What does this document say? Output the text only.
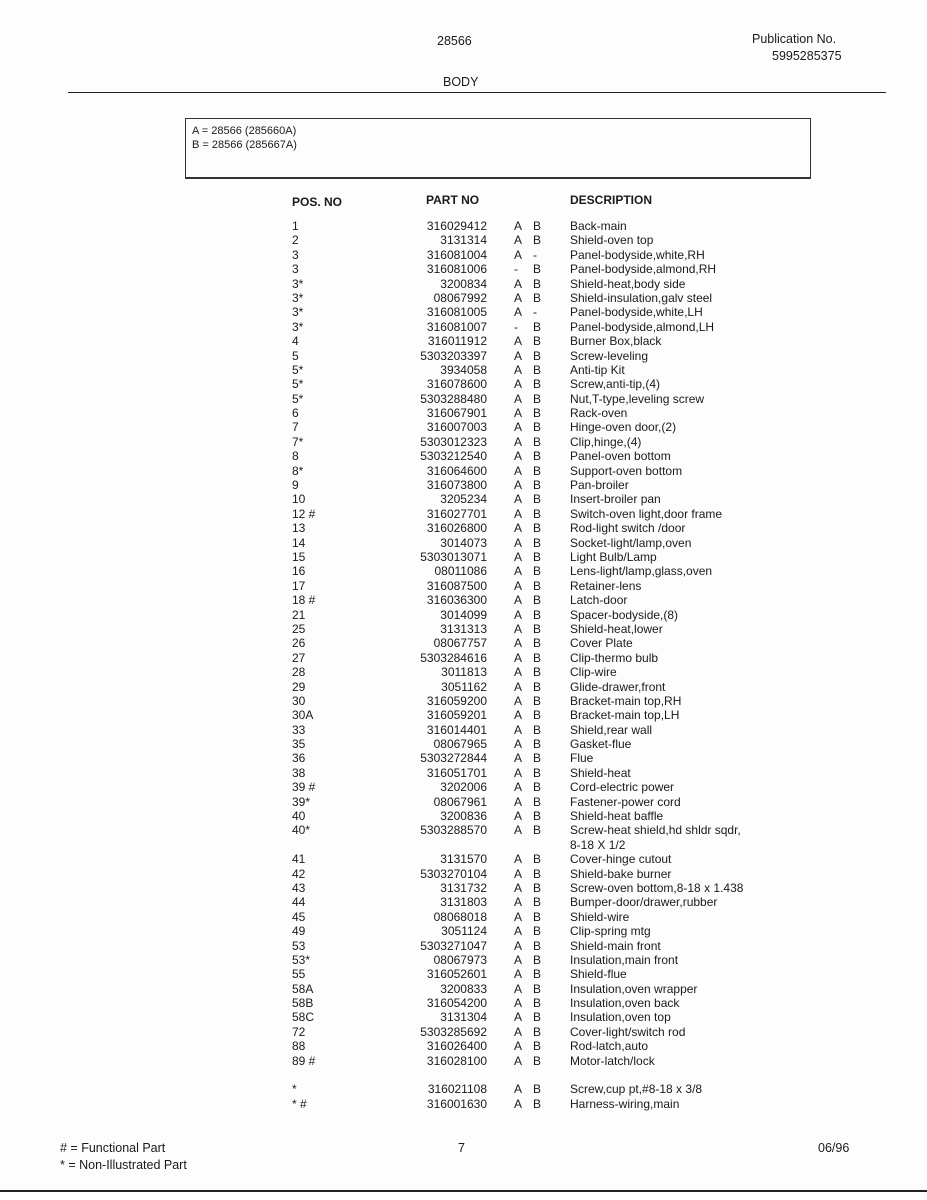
28566	Publication No.
5995285375
BODY
A = 28566 (285660A)
B = 28566 (285667A)
POS. NO	PART NO	DESCRIPTION
1	316029412 A B Back-main
2	3131314 A B Shield-oven top
3	316081004 A -	Panel-bodyside,white,RH
3	316081006 - B Panel-bodyside,almond,RH
3*	3200834 A B Shield-heat,body side
3*	08067992 A B Shield-insulation,galv steel
3*	316081005 A -	Panel-bodyside,white,LH
3*	316081007 - B Panel-bodyside,almond,LH
4	316011912 A B Burner Box,black
5	5303203397 A B Screw-leveling
5*	3934058 A B Anti-tip Kit
5*	316078600 A B Screw,anti-tip,(4)
5*	5303288480 A B Nut,T-type,leveling screw
6	316067901 A B Rack-oven
7	316007003 A B Hinge-oven door,(2)
7*	5303012323 A B Clip,hinge,(4)
8	5303212540 A B Panel-oven bottom
8*	316064600 A B Support-oven bottom
9	316073800 A B Pan-broiler
10	3205234 A B Insert-broiler pan
12 #	316027701 A B Switch-oven light,door frame
13	316026800 A B Rod-light switch /door
14	3014073 A B Socket-light/lamp,oven
15	5303013071 A B Light Bulb/Lamp
16	08011086 A B Lens-light/lamp,glass,oven
17	316087500 A B Retainer-lens
18 #	316036300 A B Latch-door
21	3014099 A B Spacer-bodyside,(8)
25	3131313 A B Shield-heat,lower
26	08067757 A B Cover Plate
27	5303284616 A B Clip-thermo bulb
28	3011813 A B Clip-wire
29	3051162 A B Glide-drawer,front
30	316059200 A B Bracket-main top,RH
30A	316059201 A B Bracket-main top,LH
33	316014401 A B Shield,rear wall
35	08067965 A B Gasket-flue
36	5303272844 A B Flue
38	316051701 A B Shield-heat
39 #	3202006 A B Cord-electric power
39*	08067961 A B Fastener-power cord
40	3200836 A B Shield-heat baffle
40*	5303288570 A B Screw-heat shield,hd shldr sqdr,
8-18 X 1/2
41	3131570 A B Cover-hinge cutout
42	5303270104 A B Shield-bake burner
43	3131732 A B Screw-oven bottom,8-18 x 1.438
44	3131803 A B Bumper-door/drawer,rubber
45	08068018 A B Shield-wire
49	3051124 A B Clip-spring mtg
53	5303271047 A B Shield-main front
53*	08067973 A B Insulation,main front
55	316052601 A B Shield-flue
58A	3200833 A B Insulation,oven wrapper
58B	316054200 A B Insulation,oven back
58C	3131304 A B Insulation,oven top
72	5303285692 A B Cover-light/switch rod
88	316026400 A B Rod-latch,auto
89 #	316028100 A B Motor-latch/lock
*	316021108 A B Screw,cup pt,#8-18 x 3/8
* #	316001630 A B Harness-wiring,main
# = Functional Part
* = Non-Illustrated Part
7	06/96
